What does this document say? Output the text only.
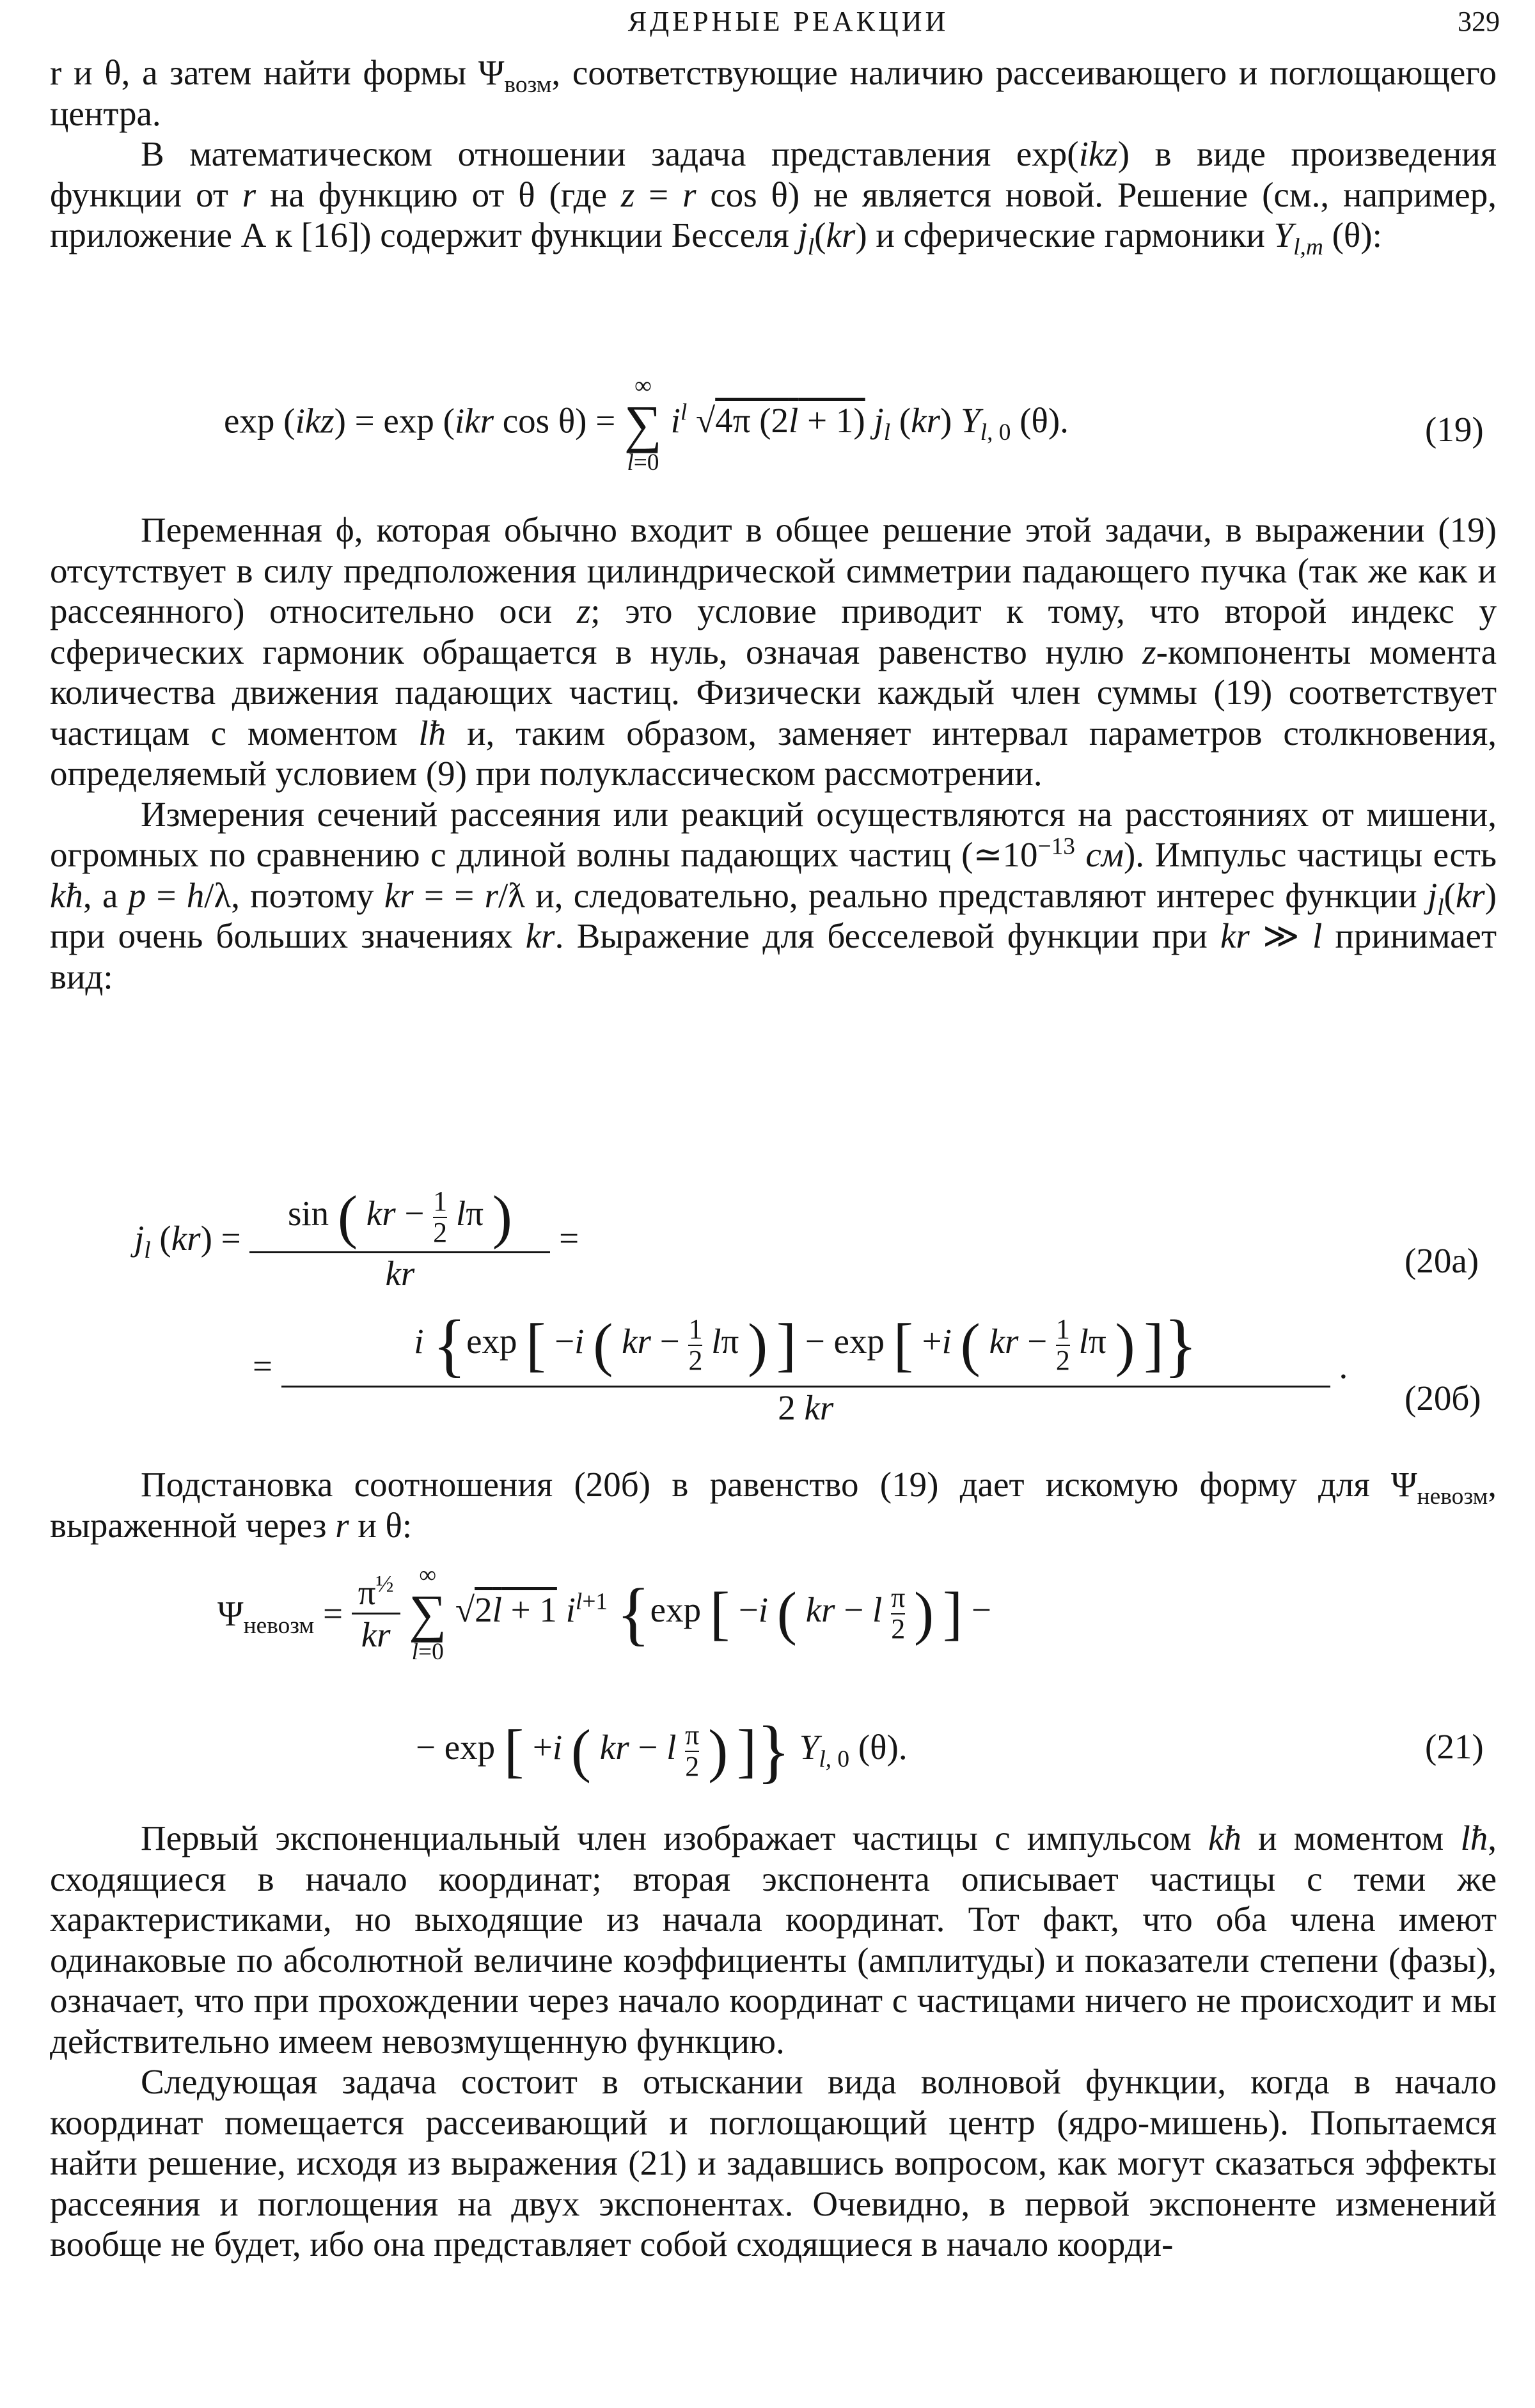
ЯДЕРНЫЕ РЕАКЦИИ	329

r и θ, а затем найти формы $\Psi_{возм}$, соответствующие наличию рассеивающего и поглощающего центра.

В математическом отношении задача представления exp(ikz) в виде произведения функции от r на функцию от θ (где z = r cos θ) не является новой. Решение (см., например, приложение А к [16]) содержит функции Бесселя $j_l(kr)$ и сферические гармоники $Y_{l,m}$ (θ):

exp (ikz) = exp (ikr cos θ) =
∞
∑
l=0
$i^l$ √4π (2l + 1) $j_l$ (kr) $Y_{l, 0}$ (θ).	(19)

Переменная ϕ, которая обычно входит в общее решение этой задачи, в выражении (19) отсутствует в силу предположения цилиндрической симметрии падающего пучка (так же как и рассеянного) относительно оси z; это условие приводит к тому, что второй индекс у сферических гармоник обращается в нуль, означая равенство нулю z-компоненты момента количества движения падающих частиц. Физически каждый член суммы (19) соответствует частицам с моментом lħ и, таким образом, заменяет интервал параметров столкновения, определяемый условием (9) при полуклассическом рассмотрении.

Измерения сечений рассеяния или реакций осуществляются на расстояниях от мишени, огромных по сравнению с длиной волны падающих частиц ($≃10^{-13}$ см). Импульс частицы есть kħ, а p = h/λ, поэтому kr = = r/ƛ и, следовательно, реально представляют интерес функции $j_l(kr)$ при очень больших значениях kr. Выражение для бесселевой функции при kr ≫ l принимает вид:

$j_l$ $(kr) = \frac{\sin ( kr - \frac{1}{2} l\pi )}{kr}$ =
(20а)
= $\frac{i \{\exp [ -i ( kr - \frac{1}{2} l\pi ) ] - \exp [ +i ( kr - \frac{1}{2} l\pi ) ]\}}{2 kr}$ .
(20б)

Подстановка соотношения (20б) в равенство (19) дает искомую форму для $\Psi_{невозм}$, выраженной через r и θ:

$\Psi_{невозм} = \frac{\pi^{\frac{1}{2}}}{kr}$
∞
∑
l=0
√2l + 1 $i^{l+1}$ {exp [ −i ( kr − l $\frac{\pi}{2}$ ) ] −
− exp [ +i ( kr − l $\frac{\pi}{2}$ ) ]} $Y_{l, 0}$ (θ).	(21)

Первый экспоненциальный член изображает частицы с импульсом kħ и моментом lħ, сходящиеся в начало координат; вторая экспонента описывает частицы с теми же характеристиками, но выходящие из начала координат. Тот факт, что оба члена имеют одинаковые по абсолютной величине коэффициенты (амплитуды) и показатели степени (фазы), означает, что при прохождении через начало координат с частицами ничего не происходит и мы действительно имеем невозмущенную функцию.

Следующая задача состоит в отыскании вида волновой функции, когда в начало координат помещается рассеивающий и поглощающий центр (ядро-мишень). Попытаемся найти решение, исходя из выражения (21) и задавшись вопросом, как могут сказаться эффекты рассеяния и поглощения на двух экспонентах. Очевидно, в первой экспоненте изменений вообще не будет, ибо она представляет собой сходящиеся в начало коорди-
